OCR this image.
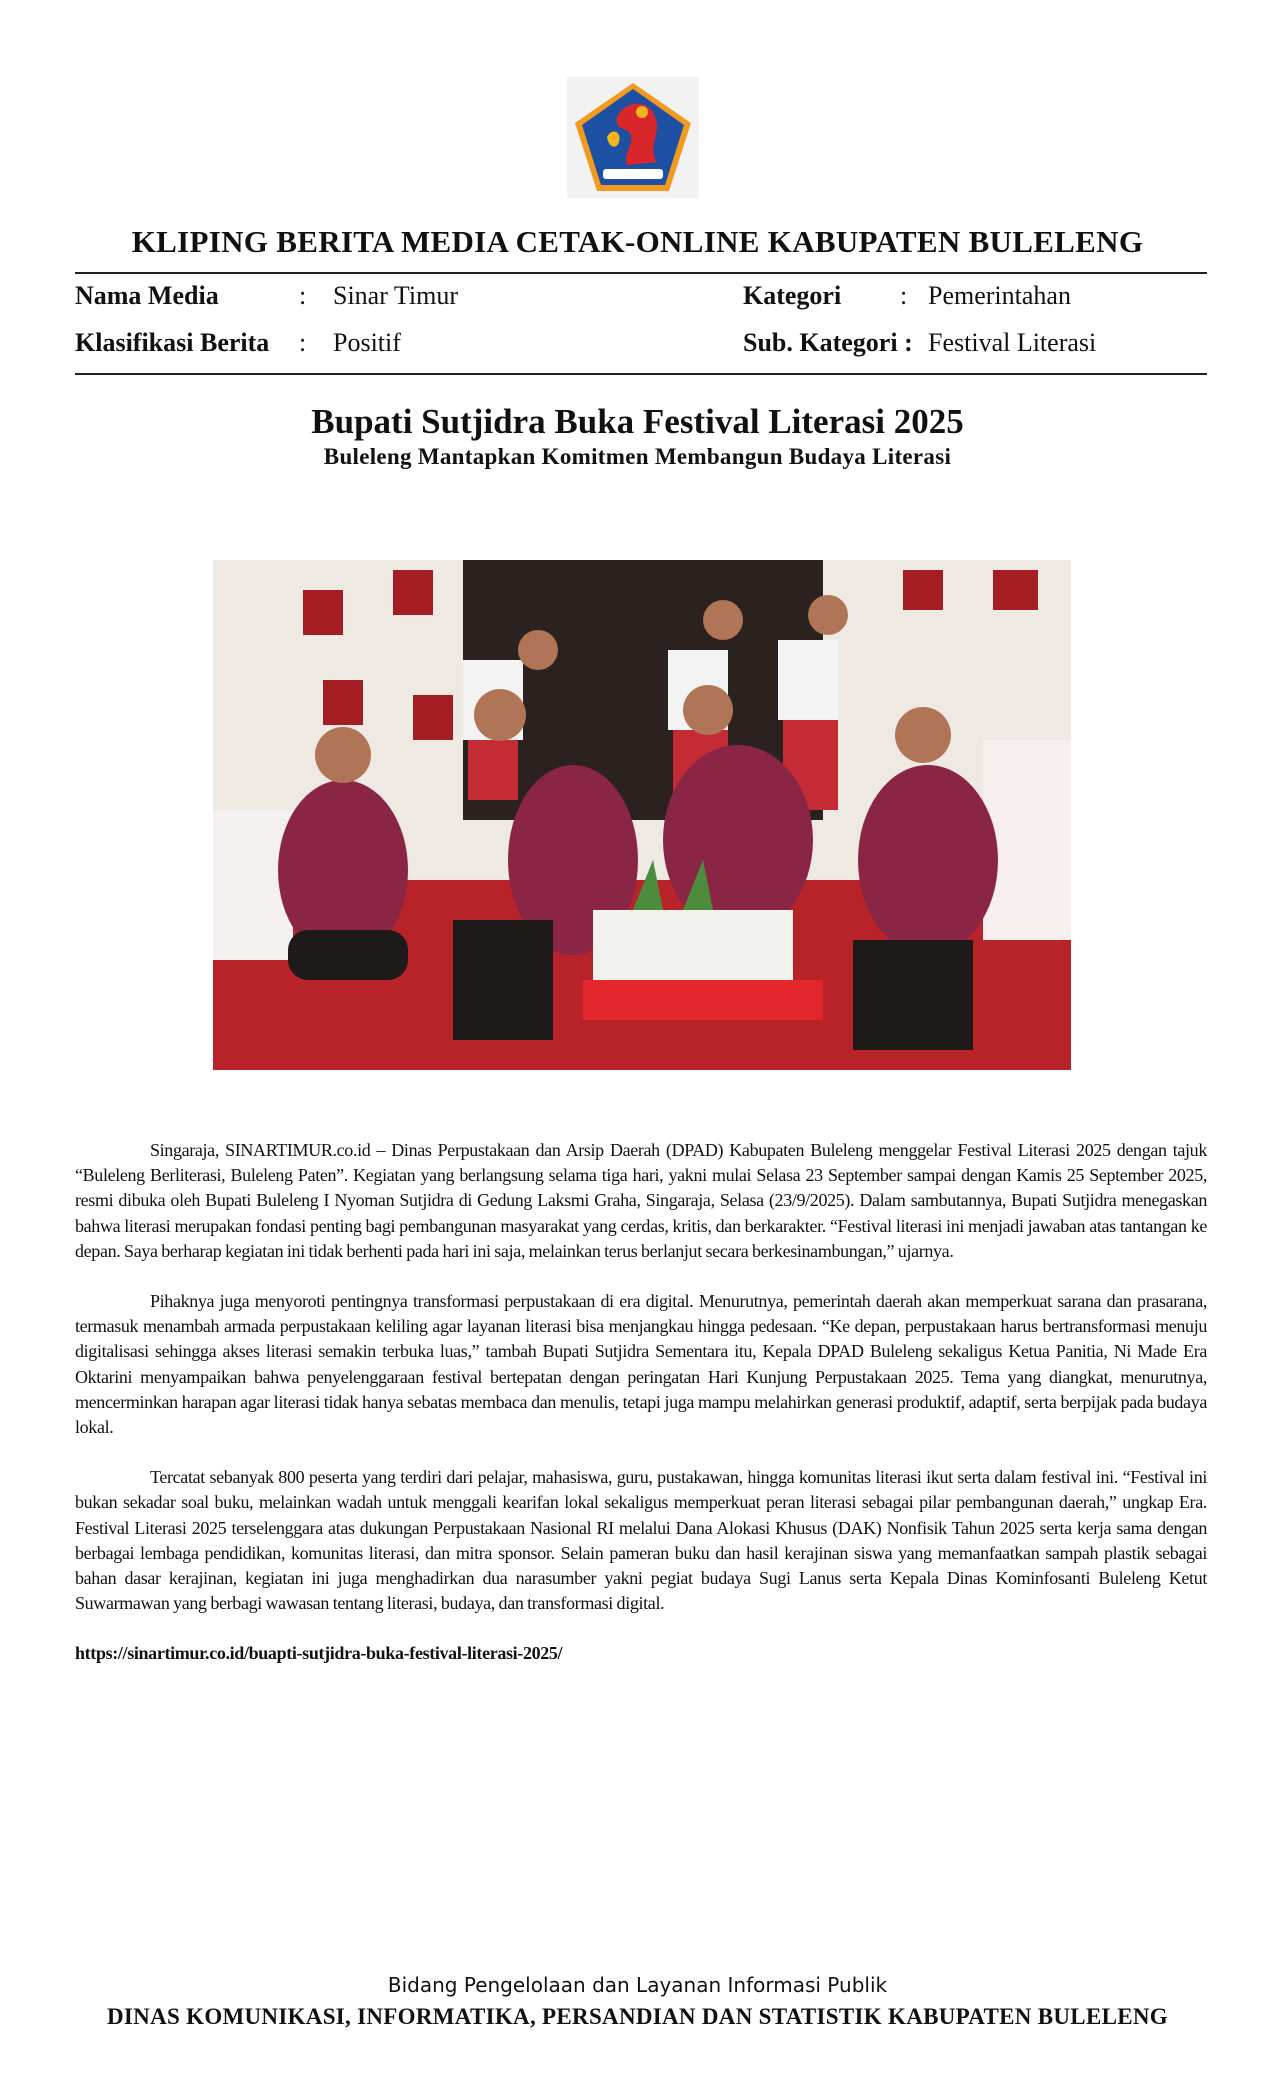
KLIPING BERITA MEDIA CETAK-ONLINE KABUPATEN BULELENG
Nama Media	: Sinar Timur	Kategori : Pemerintahan
Klasifikasi Berita : Positif	Sub. Kategori : Festival Literasi
Bupati Sutjidra Buka Festival Literasi 2025
Buleleng Mantapkan Komitmen Membangun Budaya Literasi

Singaraja, SINARTIMUR.co.id – Dinas Perpustakaan dan Arsip Daerah (DPAD) Kabupaten Buleleng menggelar Festival Literasi 2025 dengan tajuk “Buleleng Berliterasi, Buleleng Paten”. Kegiatan yang berlangsung selama tiga hari, yakni mulai Selasa 23 September sampai dengan Kamis 25 September 2025, resmi dibuka oleh Bupati Buleleng I Nyoman Sutjidra di Gedung Laksmi Graha, Singaraja, Selasa (23/9/2025). Dalam sambutannya, Bupati Sutjidra menegaskan bahwa literasi merupakan fondasi penting bagi pembangunan masyarakat yang cerdas, kritis, dan berkarakter. “Festival literasi ini menjadi jawaban atas tantangan ke depan. Saya berharap kegiatan ini tidak berhenti pada hari ini saja, melainkan terus berlanjut secara berkesinambungan,” ujarnya.

Pihaknya juga menyoroti pentingnya transformasi perpustakaan di era digital. Menurutnya, pemerintah daerah akan memperkuat sarana dan prasarana, termasuk menambah armada perpustakaan keliling agar layanan literasi bisa menjangkau hingga pedesaan. “Ke depan, perpustakaan harus bertransformasi menuju digitalisasi sehingga akses literasi semakin terbuka luas,” tambah Bupati Sutjidra Sementara itu, Kepala DPAD Buleleng sekaligus Ketua Panitia, Ni Made Era Oktarini menyampaikan bahwa penyelenggaraan festival bertepatan dengan peringatan Hari Kunjung Perpustakaan 2025. Tema yang diangkat, menurutnya, mencerminkan harapan agar literasi tidak hanya sebatas membaca dan menulis, tetapi juga mampu melahirkan generasi produktif, adaptif, serta berpijak pada budaya lokal.

Tercatat sebanyak 800 peserta yang terdiri dari pelajar, mahasiswa, guru, pustakawan, hingga komunitas literasi ikut serta dalam festival ini. “Festival ini bukan sekadar soal buku, melainkan wadah untuk menggali kearifan lokal sekaligus memperkuat peran literasi sebagai pilar pembangunan daerah,” ungkap Era. Festival Literasi 2025 terselenggara atas dukungan Perpustakaan Nasional RI melalui Dana Alokasi Khusus (DAK) Nonfisik Tahun 2025 serta kerja sama dengan berbagai lembaga pendidikan, komunitas literasi, dan mitra sponsor. Selain pameran buku dan hasil kerajinan siswa yang memanfaatkan sampah plastik sebagai bahan dasar kerajinan, kegiatan ini juga menghadirkan dua narasumber yakni pegiat budaya Sugi Lanus serta Kepala Dinas Kominfosanti Buleleng Ketut Suwarmawan yang berbagi wawasan tentang literasi, budaya, dan transformasi digital.

https://sinartimur.co.id/buapti-sutjidra-buka-festival-literasi-2025/
Bidang Pengelolaan dan Layanan Informasi Publik
DINAS KOMUNIKASI, INFORMATIKA, PERSANDIAN DAN STATISTIK KABUPATEN BULELENG
